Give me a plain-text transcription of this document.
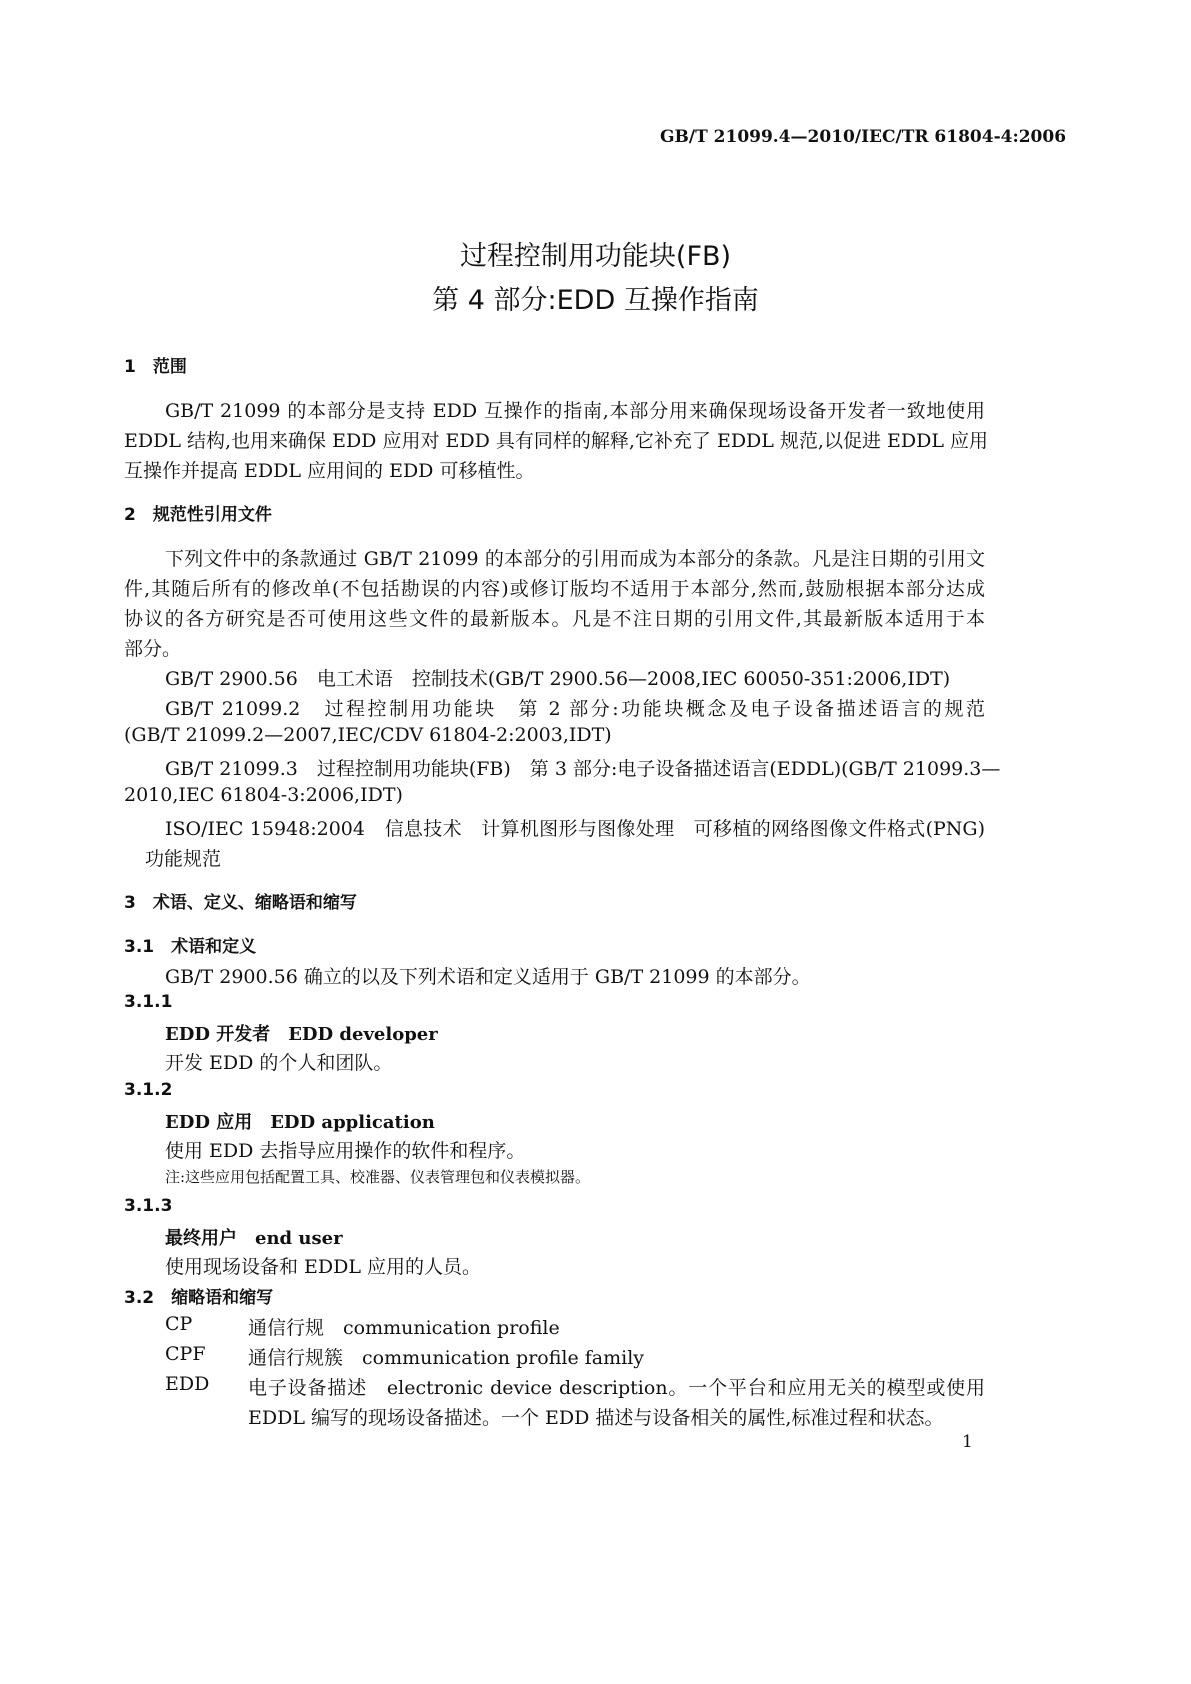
GB/T 21099.4—2010/IEC/TR 61804-4:2006
过程控制用功能块(FB)
第 4 部分:EDD 互操作指南
1　范围
GB/T 21099 的本部分是支持 EDD 互操作的指南,本部分用来确保现场设备开发者一致地使用
EDDL 结构,也用来确保 EDD 应用对 EDD 具有同样的解释,它补充了 EDDL 规范,以促进 EDDL 应用
互操作并提高 EDDL 应用间的 EDD 可移植性。
2　规范性引用文件
下列文件中的条款通过 GB/T 21099 的本部分的引用而成为本部分的条款。凡是注日期的引用文
件,其随后所有的修改单(不包括勘误的内容)或修订版均不适用于本部分,然而,鼓励根据本部分达成
协议的各方研究是否可使用这些文件的最新版本。凡是不注日期的引用文件,其最新版本适用于本
部分。
GB/T 2900.56　电工术语　控制技术(GB/T 2900.56—2008,IEC 60050-351:2006,IDT)
GB/T 21099.2　过程控制用功能块　第 2 部分:功能块概念及电子设备描述语言的规范
(GB/T 21099.2—2007,IEC/CDV 61804-2:2003,IDT)
GB/T 21099.3　过程控制用功能块(FB)　第 3 部分:电子设备描述语言(EDDL)(GB/T 21099.3—
2010,IEC 61804-3:2006,IDT)
ISO/IEC 15948:2004　信息技术　计算机图形与图像处理　可移植的网络图像文件格式(PNG)
功能规范
3　术语、定义、缩略语和缩写
3.1　术语和定义
GB/T 2900.56 确立的以及下列术语和定义适用于 GB/T 21099 的本部分。
3.1.1
EDD 开发者　EDD developer
开发 EDD 的个人和团队。
3.1.2
EDD 应用　EDD application
使用 EDD 去指导应用操作的软件和程序。
注:这些应用包括配置工具、校准器、仪表管理包和仪表模拟器。
3.1.3
最终用户　end user
使用现场设备和 EDDL 应用的人员。
3.2　缩略语和缩写
CP	通信行规　communication profile
CPF 通信行规簇　communication profile family
EDD 电子设备描述　electronic device description。一个平台和应用无关的模型或使用
EDDL 编写的现场设备描述。一个 EDD 描述与设备相关的属性,标准过程和状态。
1
